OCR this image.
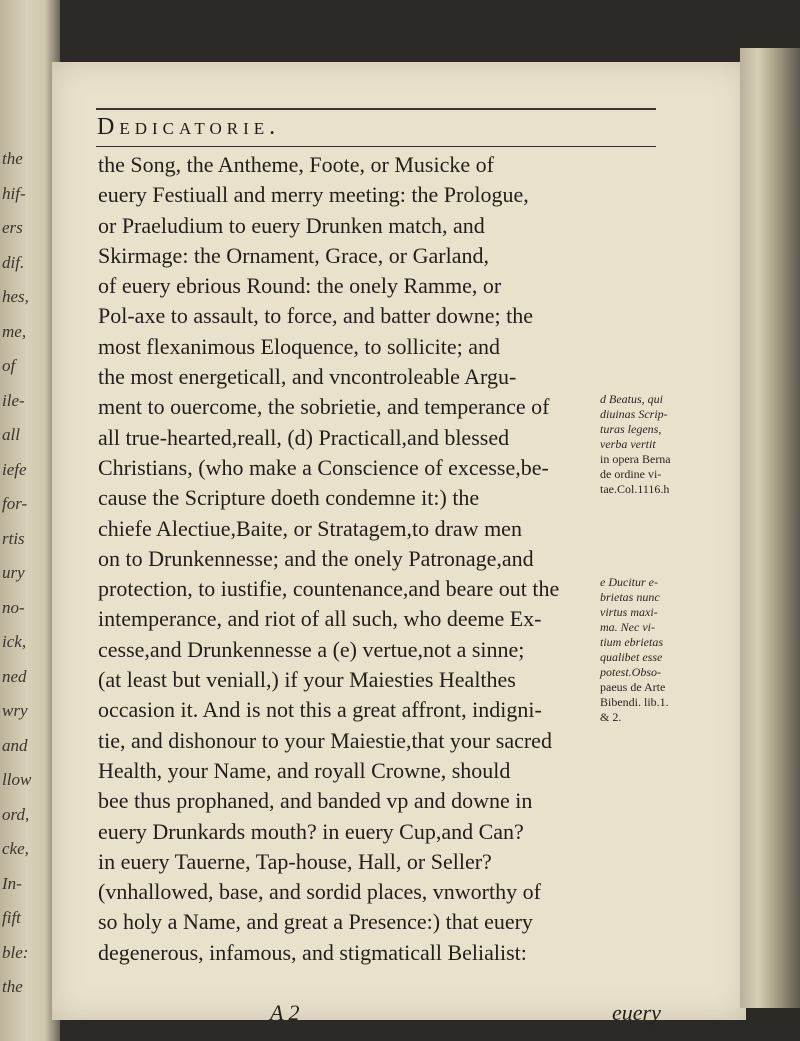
the
hif-
ers
dif.
hes,
me,
of
ile-
all
iefe
for-
rtis
ury
no-
ick,
ned
wry
and
llow
ord,
cke,
In-
fift
ble:
the
Dedicatorie.

the Song, the Antheme, Foote, or Musicke of

euery Festiuall and merry meeting: the Prologue,

or Praeludium to euery Drunken match, and

Skirmage: the Ornament, Grace, or Garland,

of euery ebrious Round: the onely Ramme, or

Pol-axe to assault, to force, and batter downe; the

most flexanimous Eloquence, to sollicite; and

the most energeticall, and vncontroleable Argu-

ment to ouercome, the sobrietie, and temperance of

all true-hearted,reall, (d) Practicall,and blessed

Christians, (who make a Conscience of excesse,be-

cause the Scripture doeth condemne it:) the

chiefe Alectiue,Baite, or Stratagem,to draw men

on to Drunkennesse; and the onely Patronage,and

protection, to iustifie, countenance,and beare out the

intemperance, and riot of all such, who deeme Ex-

cesse,and Drunkennesse a (e) vertue,not a sinne;

(at least but veniall,) if your Maiesties Healthes

occasion it. And is not this a great affront, indigni-

tie, and dishonour to your Maiestie,that your sacred

Health, your Name, and royall Crowne, should

bee thus prophaned, and banded vp and downe in

euery Drunkards mouth? in euery Cup,and Can?

in euery Tauerne, Tap-house, Hall, or Seller?

(vnhallowed, base, and sordid places, vnworthy of

so holy a Name, and great a Presence:) that euery

degenerous, infamous, and stigmaticall Belialist:

d Beatus, qui
diuinas Scrip-
turas legens,
verba vertit
in opera Berna
de ordine vi-
tae.Col.1116.h
e Ducitur e-
brietas nunc
virtus maxi-
ma. Nec vi-
tium ebrietas
qualibet esse
potest.Obso-
paeus de Arte
Bibendi. lib.1.
& 2.
A 2	euery
